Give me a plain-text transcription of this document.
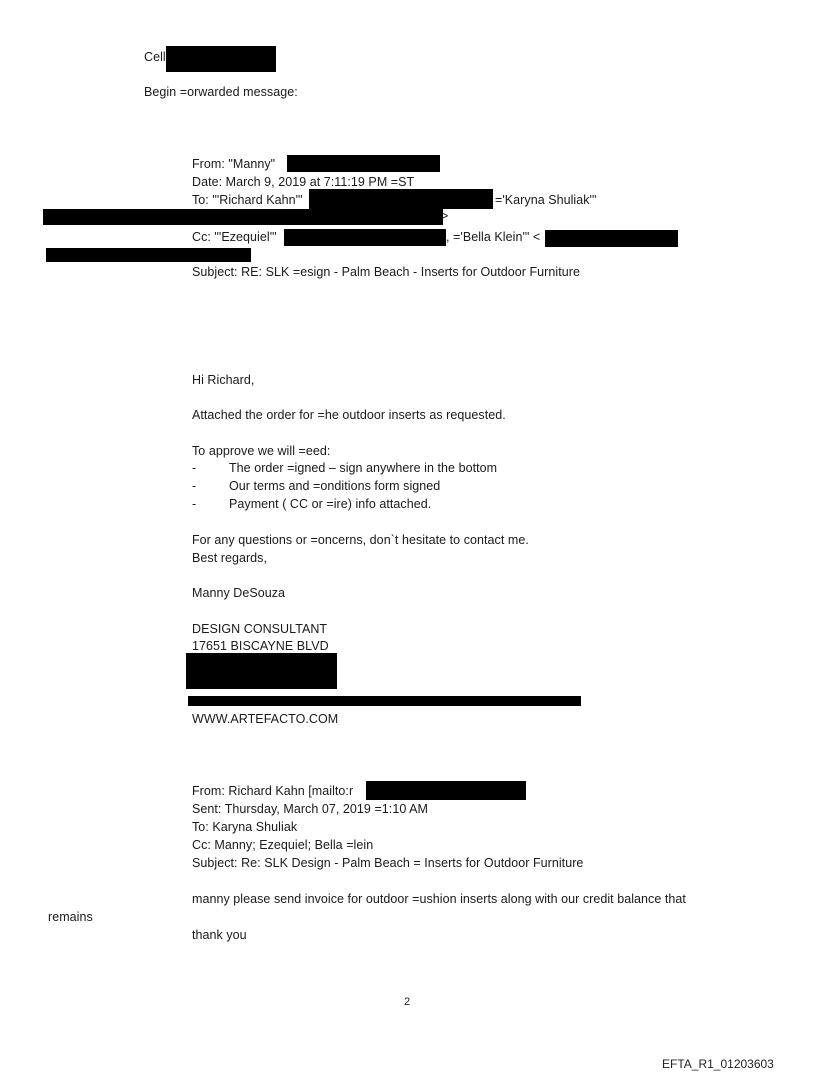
Cell
Begin =orwarded message:
From: "Manny"
Date: March 9, 2019 at 7:11:19 PM =ST
To: "'Richard Kahn'"	='Karyna Shuliak'"
>
Cc: "'Ezequiel'"	, ='Bella Klein'" <
Subject: RE: SLK =esign - Palm Beach - Inserts for Outdoor Furniture
Hi Richard,
Attached the order for =he outdoor inserts as requested.
To approve we will =eed:
-	The order =igned – sign anywhere in the bottom
-	Our terms and =onditions form signed
-	Payment ( CC or =ire) info attached.
For any questions or =oncerns, don`t hesitate to contact me.
Best regards,
Manny DeSouza
DESIGN CONSULTANT
17651 BISCAYNE BLVD
WWW.ARTEFACTO.COM
From: Richard Kahn [mailto:r
Sent: Thursday, March 07, 2019 =1:10 AM
To: Karyna Shuliak
Cc: Manny; Ezequiel; Bella =lein
Subject: Re: SLK Design - Palm Beach = Inserts for Outdoor Furniture
manny please send invoice for outdoor =ushion inserts along with our credit balance that
remains
thank you
2
EFTA_R1_01203603
